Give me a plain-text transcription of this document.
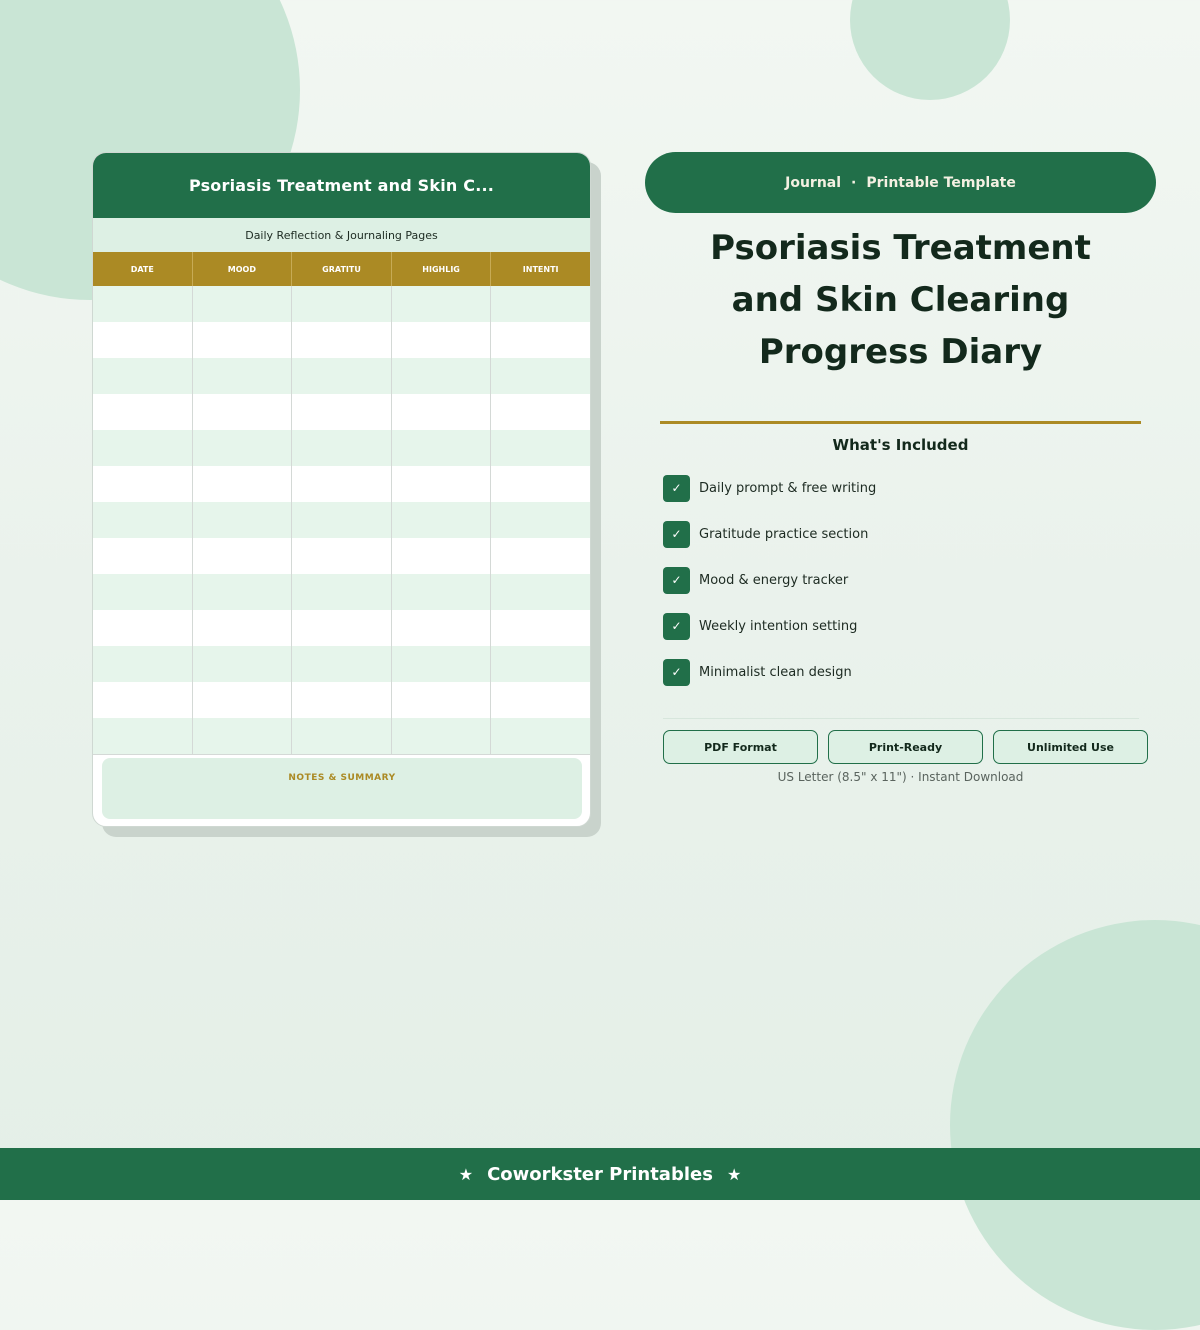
Psoriasis Treatment and Skin C...
Daily Reflection & Journaling Pages
DATE	MOOD	GRATITU	HIGHLIG	INTENTI
NOTES & SUMMARY
Journal · Printable Template
Psoriasis Treatment
and Skin Clearing
Progress Diary
What's Included
✓	Daily prompt & free writing
✓	Gratitude practice section
✓	Mood & energy tracker
✓	Weekly intention setting
✓	Minimalist clean design
PDF Format	Print-Ready	Unlimited Use
US Letter (8.5" x 11") · Instant Download
★ Coworkster Printables ★
